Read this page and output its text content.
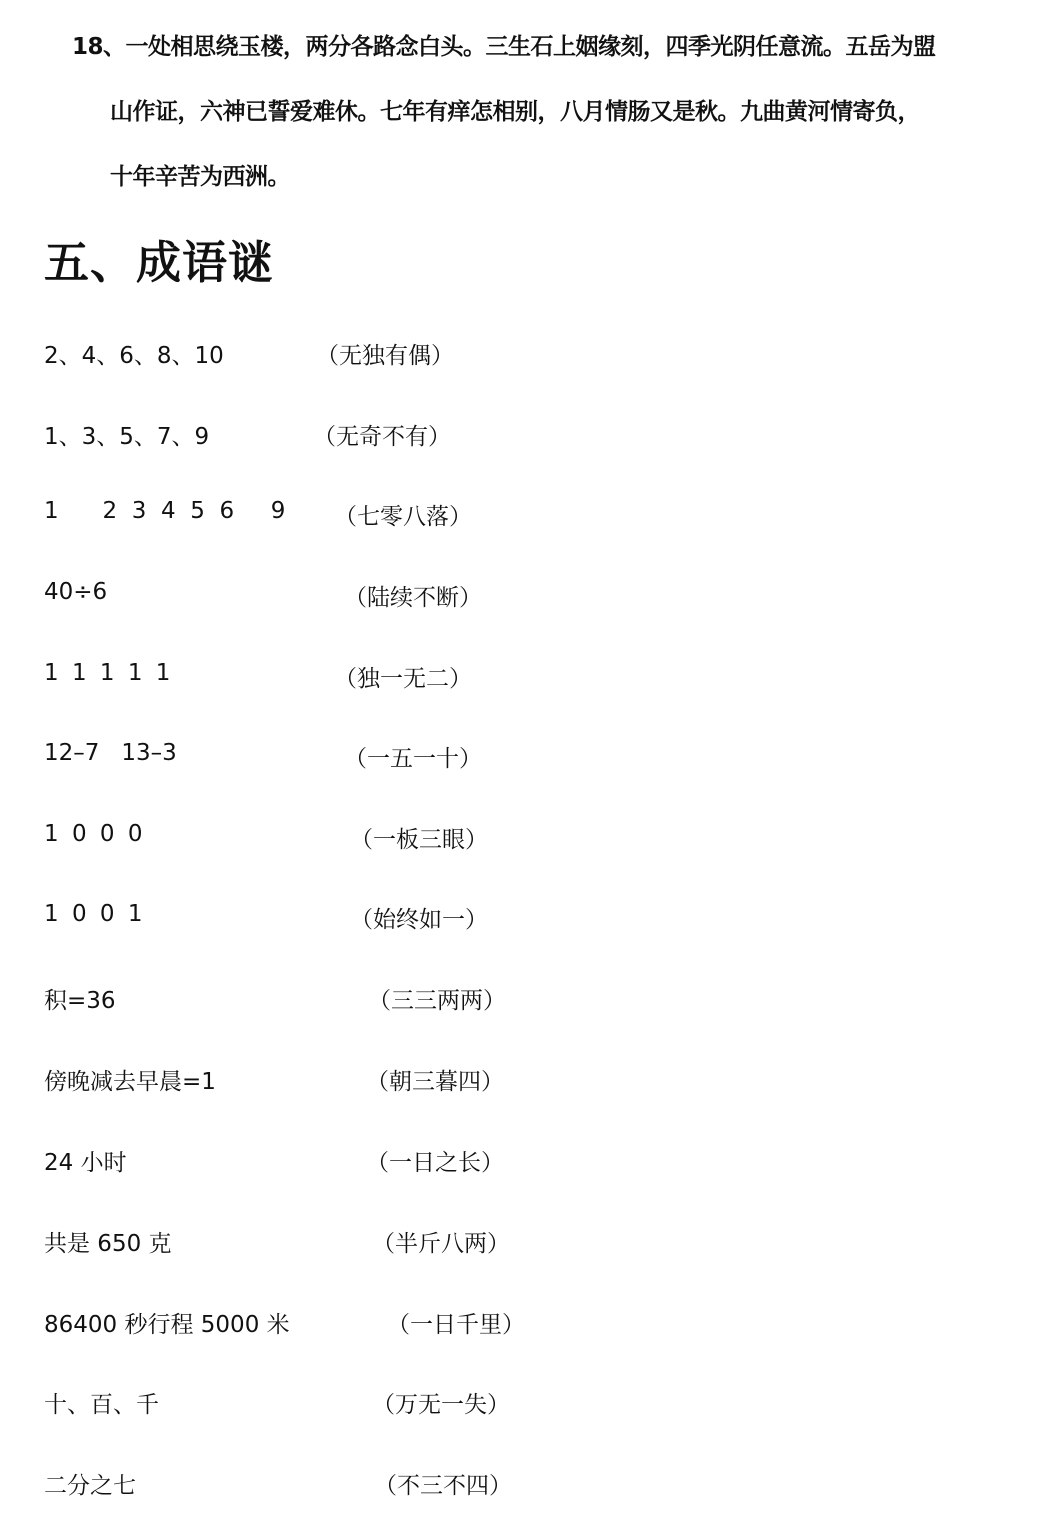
18、一处相思绕玉楼，两分各路念白头。三生石上姻缘刻，四季光阴任意流。五岳为盟
山作证，六神已誓爱难休。七年有痒怎相别，八月情肠又是秋。九曲黄河情寄负，
十年辛苦为西洲。
五、成语谜
2、4、6、8、10	（无独有偶）
1、3、5、7、9	（无奇不有）
1      2  3  4  5  6     9 （七零八落）
40÷6	（陆续不断）
1 1 1 1 1	（独一无二）
12–7   13–3	（一五一十）
1 0 0 0	（一板三眼）
1 0 0 1	（始终如一）
积=36	（三三两两）
傍晚减去早晨=1	（朝三暮四）
24 小时	（一日之长）
共是 650 克	（半斤八两）
86400 秒行程 5000 米	（一日千里）
十、百、千	（万无一失）
二分之七	（不三不四）
